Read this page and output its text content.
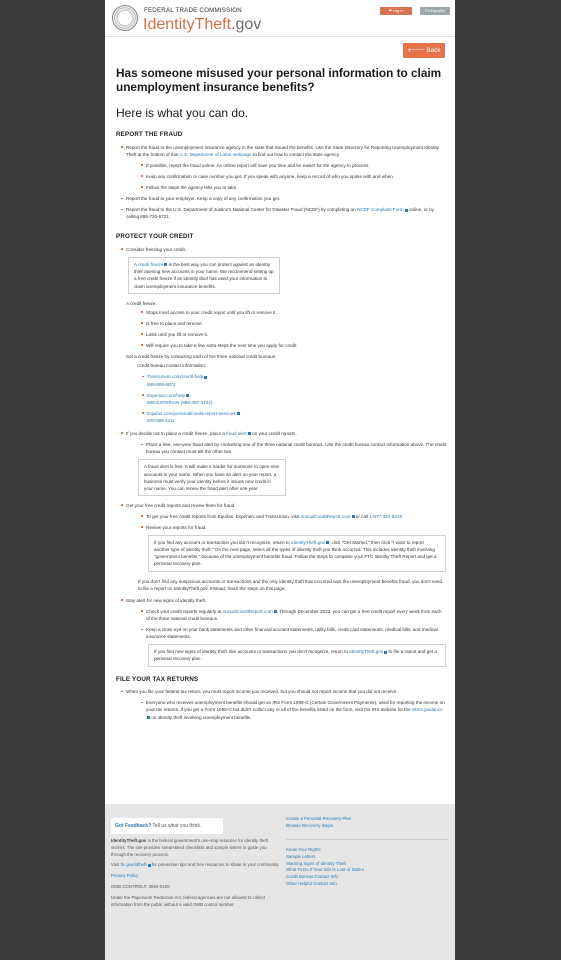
FEDERAL TRADE COMMISSION
IdentityTheft.gov
⚑ Log In	En Español
🡐 Back
Has someone misused your personal information to claim unemployment insurance benefits?
Here is what you can do.
REPORT THE FRAUD
Report the fraud to the unemployment insurance agency in the state that issued the benefits. Use the State Directory for Reporting Unemployment Identity Theft at the bottom of this U.S. Department of Labor webpage to find out how to contact the state agency.
If possible, report the fraud online. An online report will save you time and be easier for the agency to process.
Keep any confirmation or case number you get. If you speak with anyone, keep a record of who you spoke with and when.
Follow the steps the agency tells you to take.
Report the fraud to your employer. Keep a copy of any confirmation you get.
Report the fraud to the U.S. Department of Justice's National Center for Disaster Fraud (NCDF) by completing an NCDF Complaint Form online, or by calling 866-720-5721.
PROTECT YOUR CREDIT
Consider freezing your credit.
A credit freeze is the best way you can protect against an identity thief opening new accounts in your name. We recommend setting up a free credit freeze if an identity thief has used your information to claim unemployment insurance benefits.
A credit freeze:
Stops most access to your credit report until you lift or remove it.
Is free to place and remove.
Lasts until you lift or remove it.
Will require you to take a few extra steps the next time you apply for credit.
Set a credit freeze by contacting each of the three national credit bureaus.
Credit bureau contact information:
TransUnion.com/credit-help
888-909-8872
Experian.com/help
888-EXPERIAN (888-397-3742)
Equifax.com/personal/credit-report-services
800-685-1111
If you decide not to place a credit freeze, place a fraud alert on your credit reports.
Place a free, one-year fraud alert by contacting one of the three national credit bureaus. Use the credit bureau contact information above. The credit bureau you contact must tell the other two.
A fraud alert is free. It will make it harder for someone to open new accounts in your name. When you have an alert on your report, a business must verify your identity before it issues new credit in your name. You can renew the fraud alert after one year.
Get your free credit reports and review them for fraud.
To get your free credit reports from Equifax, Experian, and TransUnion, visit AnnualCreditReport.com or call 1-877-322-8228.
Review your reports for fraud.
If you find any account or transaction you don't recognize, return to IdentityTheft.gov , click "Get Started," then click "I want to report another type of identity theft." On the next page, select all the types of identity theft you think occurred. This includes identity theft involving "government benefits," because of the unemployment benefits fraud. Follow the steps to complete your FTC Identity Theft Report and get a personal recovery plan.
If you don't find any suspicious accounts or transactions and the only identity theft that occurred was the unemployment benefits fraud, you don't need to file a report on IdentityTheft.gov. Instead, finish the steps on this page.
Stay alert for new signs of identity theft.
Check your credit reports regularly at AnnualCreditReport.com . Through December 2023, you can get a free credit report every week from each of the three national credit bureaus.
Keep a close eye on your bank statements and other financial account statements, utility bills, credit card statements, medical bills, and medical insurance statements.
If you find new signs of identity theft, like accounts or transactions you don't recognize, return to IdentityTheft.gov to file a report and get a personal recovery plan.
FILE YOUR TAX RETURNS
When you file your federal tax return, you must report income you received, but you should not report income that you did not receive.
Everyone who receives unemployment benefits should get an IRS Form 1099-G (Certain Government Payments), used for reporting the income on your tax returns. If you get a Form 1099-G but didn't collect any or all of the benefits listed on the form, visit the IRS website for the IRS's guidance on identity theft involving unemployment benefits.
Got Feedback? Tell us what you think.

IdentityTheft.gov is the federal government's one-stop resource for identity theft victims. The site provides streamlined checklists and sample letters to guide you through the recovery process.

Visit ftc.gov/idtheft for prevention tips and free resources to share in your community.

Privacy Policy

OMB CONTROL#: 3084-0169

Under the Paperwork Reduction Act, federal agencies are not allowed to collect information from the public without a valid OMB control number.

Create a Personal Recovery Plan
Browse Recovery Steps
Know Your Rights
Sample Letters
Warning Signs of Identity Theft
What To Do If Your Info Is Lost or Stolen
Credit Bureau Contact Info
Other Helpful Contact Info
